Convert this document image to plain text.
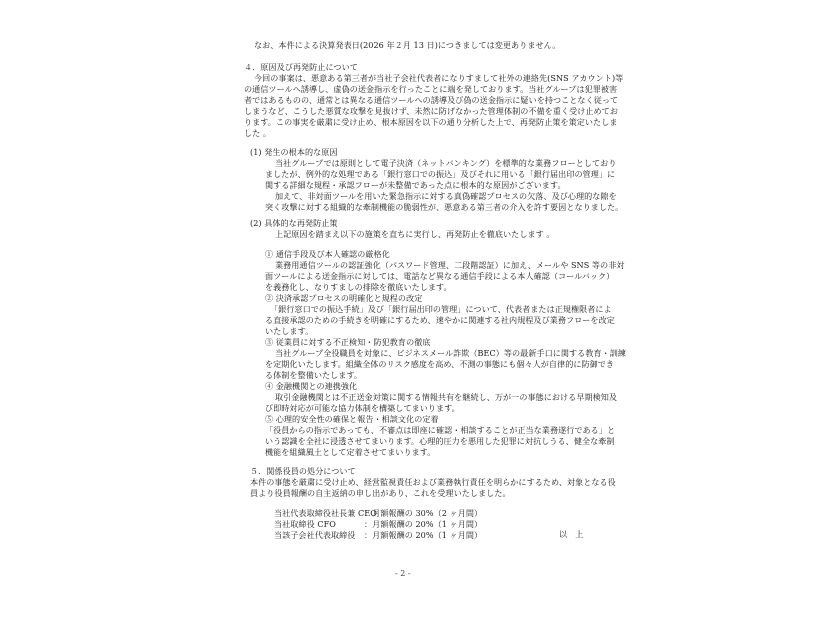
なお、本件による決算発表日(2026 年２月 13 日)につきましては変更ありません。
４．原因及び再発防止について
今回の事案は、悪意ある第三者が当社子会社代表者になりすまして社外の連絡先(SNS アカウント)等
の通信ツールへ誘導し、虚偽の送金指示を行ったことに端を発しております。当社グループは犯罪被害
者ではあるものの、通常とは異なる通信ツールへの誘導及び偽の送金指示に疑いを持つことなく従って
しまうなど、こうした悪質な攻撃を見抜けず、未然に防げなかった管理体制の不備を重く受け止めてお
ります。この事実を厳粛に受け止め、根本原因を以下の通り分析した上で、再発防止策を策定いたしま
した 。
(1) 発生の根本的な原因
当社グループでは原則として電子決済（ネットバンキング）を標準的な業務フローとしており
ましたが、例外的な処理である「銀行窓口での振込」及びそれに用いる「銀行届出印の管理」に
関する詳細な規程・承認フローが未整備であった点に根本的な原因がございます。
加えて、非対面ツールを用いた緊急指示に対する真偽確認プロセスの欠落、及び心理的な隙を
突く攻撃に対する組織的な牽制機能の脆弱性が、悪意ある第三者の介入を許す要因となりました。
(2) 具体的な再発防止策
上記原因を踏まえ以下の施策を直ちに実行し、再発防止を徹底いたします 。
① 通信手段及び本人確認の厳格化
業務用通信ツールの認証強化（パスワード管理、二段階認証）に加え、メールや SNS 等の非対
面ツールによる送金指示に対しては、電話など異なる通信手段による本人確認（コールバック）
を義務化し、なりすましの排除を徹底いたします。
② 決済承認プロセスの明確化と規程の改定
「銀行窓口での振込手続」及び「銀行届出印の管理」について、代表者または正規権限者によ
る直接承認のための手続きを明確にするため、速やかに関連する社内規程及び業務フローを改定
いたします。
③ 従業員に対する不正検知・防犯教育の徹底
当社グループ全役職員を対象に、ビジネスメール詐欺（BEC）等の最新手口に関する教育・訓練
を定期化いたします。組織全体のリスク感度を高め、不測の事態にも個々人が自律的に防御でき
る体制を整備いたします。
④ 金融機関との連携強化
取引金融機関とは不正送金対策に関する情報共有を継続し、万が一の事態における早期検知及
び即時対応が可能な協力体制を構築してまいります。
⑤ 心理的安全性の確保と報告・相談文化の定着
「役員からの指示であっても、不審点は即座に確認・相談することが正当な業務遂行である」と
いう認識を全社に浸透させてまいります。心理的圧力を悪用した犯罪に対抗しうる、健全な牽制
機能を組織風土として定着させてまいります。
５．関係役員の処分について
本件の事態を厳粛に受け止め、経営監視責任および業務執行責任を明らかにするため、対象となる役
員より役員報酬の自主返納の申し出があり、これを受理いたしました。
当社代表取締役社長兼 CEO
：月額報酬の 30%（2 ヶ月間）
当社取締役 CFO	：月額報酬の 20%（1 ヶ月間）
当該子会社代表取締役 ：月額報酬の 20%（1 ヶ月間）	以　上
- 2 -
